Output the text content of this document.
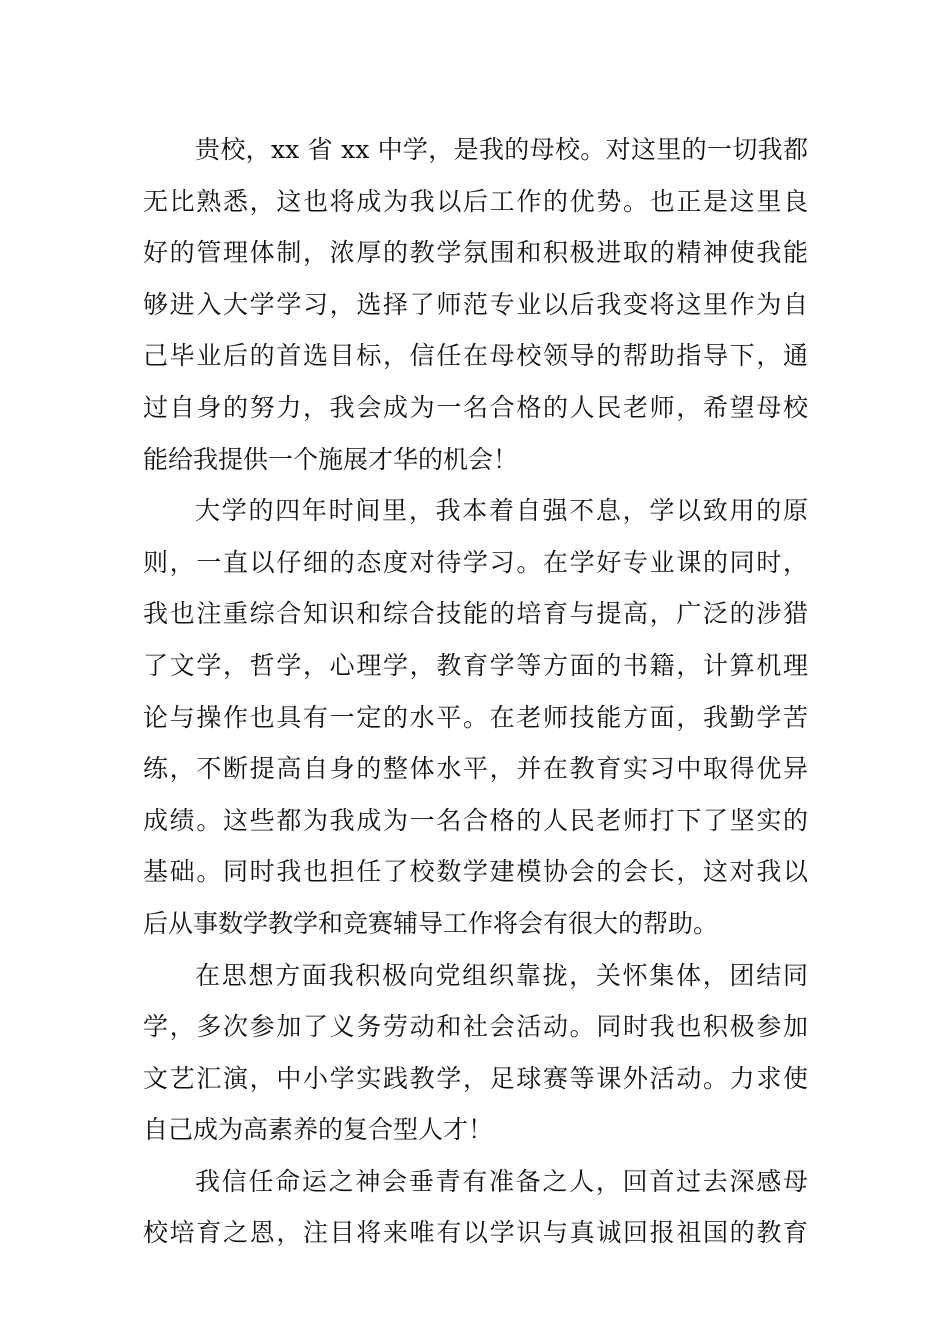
贵校，xx 省 xx 中学，是我的母校。对这里的一切我都
无比熟悉，这也将成为我以后工作的优势。也正是这里良
好的管理体制，浓厚的教学氛围和积极进取的精神使我能
够进入大学学习，选择了师范专业以后我变将这里作为自
己毕业后的首选目标，信任在母校领导的帮助指导下，通
过自身的努力，我会成为一名合格的人民老师，希望母校
能给我提供一个施展才华的机会！
大学的四年时间里，我本着自强不息，学以致用的原
则，一直以仔细的态度对待学习。在学好专业课的同时，
我也注重综合知识和综合技能的培育与提高，广泛的涉猎
了文学，哲学，心理学，教育学等方面的书籍，计算机理
论与操作也具有一定的水平。在老师技能方面，我勤学苦
练，不断提高自身的整体水平，并在教育实习中取得优异
成绩。这些都为我成为一名合格的人民老师打下了坚实的
基础。同时我也担任了校数学建模协会的会长，这对我以
后从事数学教学和竞赛辅导工作将会有很大的帮助。
在思想方面我积极向党组织靠拢，关怀集体，团结同
学，多次参加了义务劳动和社会活动。同时我也积极参加
文艺汇演，中小学实践教学，足球赛等课外活动。力求使
自己成为高素养的复合型人才！
我信任命运之神会垂青有准备之人，回首过去深感母
校培育之恩，注目将来唯有以学识与真诚回报祖国的教育
